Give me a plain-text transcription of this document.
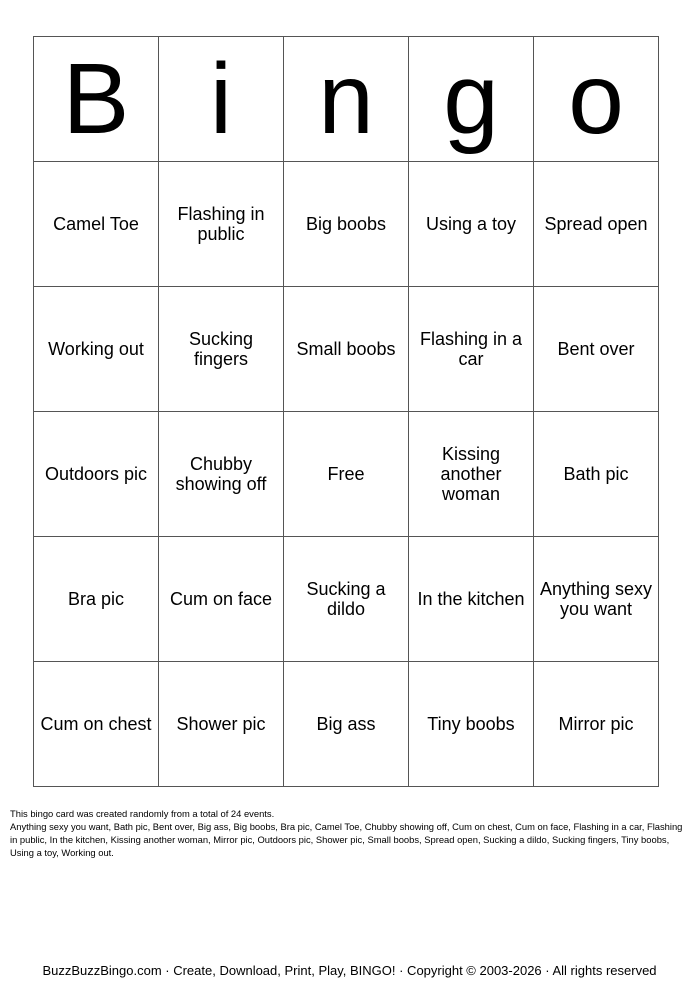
B	i	n	g	o
Camel Toe	Flashing in public	Big boobs	Using a toy	Spread open
Working out	Sucking fingers	Small boobs	Flashing in a car	Bent over
Outdoors pic	Chubby showing off	Free	Kissing another woman	Bath pic
Bra pic	Cum on face	Sucking a dildo	In the kitchen	Anything sexy you want
Cum on chest	Shower pic	Big ass	Tiny boobs	Mirror pic
This bingo card was created randomly from a total of 24 events.
Anything sexy you want, Bath pic, Bent over, Big ass, Big boobs, Bra pic, Camel Toe, Chubby showing off, Cum on chest, Cum on face, Flashing in a car, Flashing in public, In the kitchen, Kissing another woman, Mirror pic, Outdoors pic, Shower pic, Small boobs, Spread open, Sucking a dildo, Sucking fingers, Tiny boobs, Using a toy, Working out.
BuzzBuzzBingo.com · Create, Download, Print, Play, BINGO! · Copyright © 2003-2026 · All rights reserved
